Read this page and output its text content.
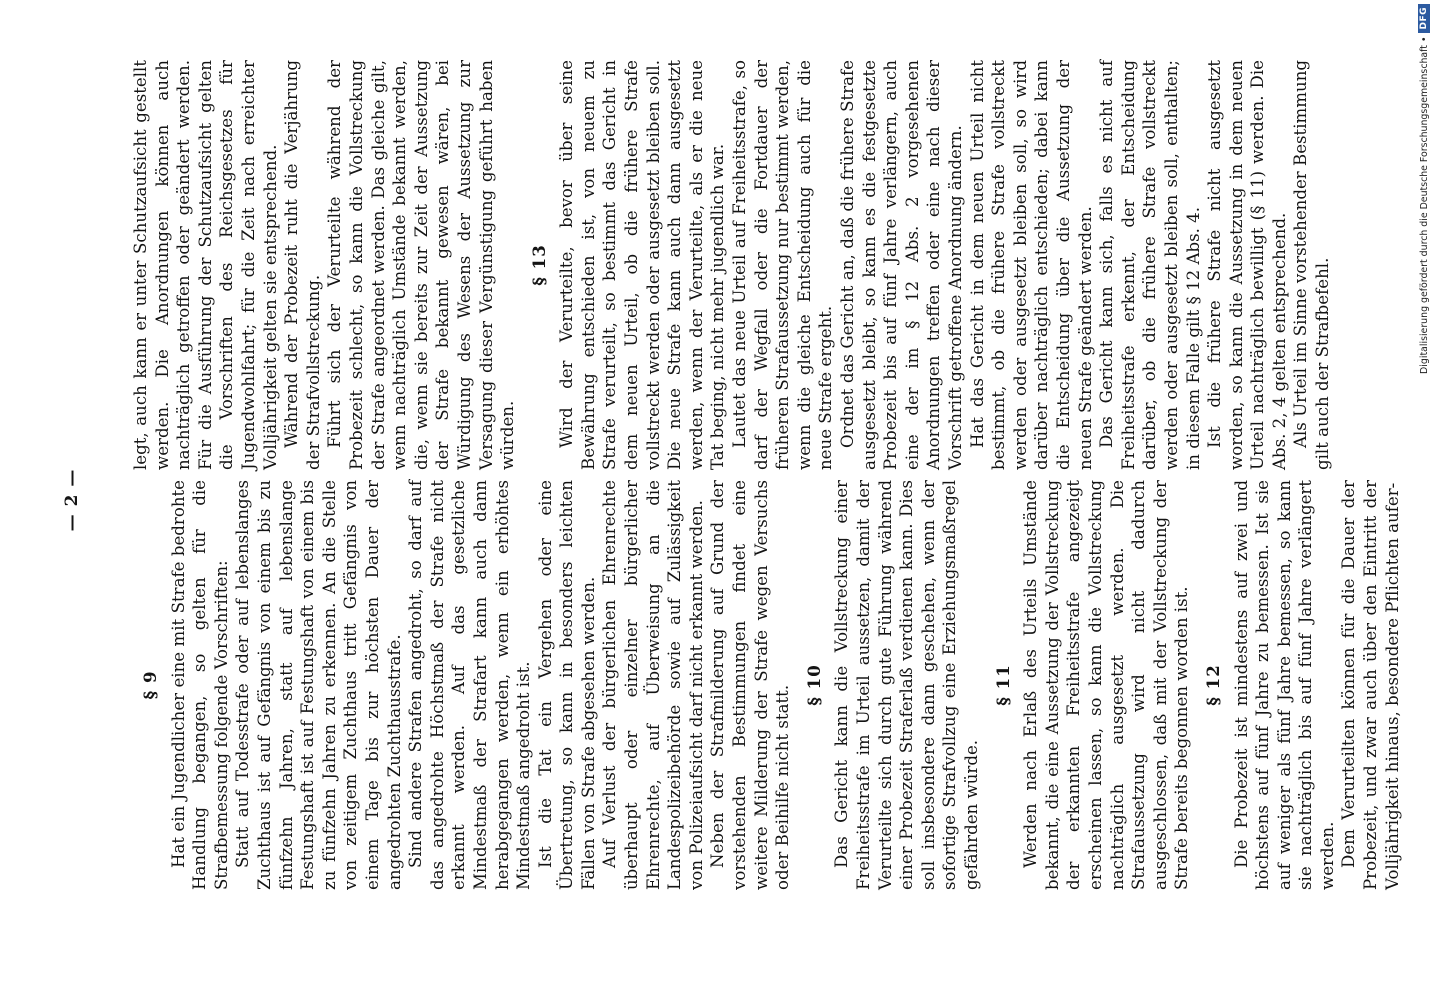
— 2 —
§ 9 Hat ein Jugendlicher eine mit Strafe bedrohte Handlung begangen, so gelten für die Strafbemessung folgende Vorschriften: Statt auf Todesstrafe oder auf lebenslanges Zuchthaus ist auf Gefängnis von einem bis zu fünfzehn Jahren, statt auf lebenslange Festungshaft ist auf Festungshaft von einem bis zu fünfzehn Jahren zu erkennen. An die Stelle von zeitigem Zuchthaus tritt Gefängnis von einem Tage bis zur höchsten Dauer der angedrohten Zuchthausstrafe. Sind andere Strafen angedroht, so darf auf das angedrohte Höchstmaß der Strafe nicht erkannt werden. Auf das gesetzliche Mindestmaß der Strafart kann auch dann herabgegangen werden, wenn ein erhöhtes Mindestmaß angedroht ist. Ist die Tat ein Vergehen oder eine Übertretung, so kann in besonders leichten Fällen von Strafe abgesehen werden. Auf Verlust der bürgerlichen Ehrenrechte überhaupt oder einzelner bürgerlicher Ehrenrechte, auf Überweisung an die Landespolizeibehörde sowie auf Zulässigkeit von Polizeiaufsicht darf nicht erkannt werden. Neben der Strafmilderung auf Grund der vorstehenden Bestimmungen findet eine weitere Milderung der Strafe wegen Versuchs oder Beihilfe nicht statt. § 10 Das Gericht kann die Vollstreckung einer Freiheitsstrafe im Urteil aussetzen, damit der Verurteilte sich durch gute Führung während einer Probezeit Straferlaß verdienen kann. Dies soll insbesondere dann geschehen, wenn der sofortige Strafvollzug eine Erziehungsmaßregel gefährden würde.

§ 11 Werden nach Erlaß des Urteils Umstände bekannt, die eine Aussetzung der Vollstreckung der erkannten Freiheitsstrafe angezeigt erscheinen lassen, so kann die Vollstreckung nachträglich ausgesetzt werden. Die Strafaussetzung wird nicht dadurch ausgeschlossen, daß mit der Vollstreckung der Strafe bereits begonnen worden ist. § 12 Die Probezeit ist mindestens auf zwei und höchstens auf fünf Jahre zu bemessen. Ist sie auf weniger als fünf Jahre bemessen, so kann sie nachträglich bis auf fünf Jahre verlängert werden. Dem Verurteilten können für die Dauer der Probezeit, und zwar auch über den Eintritt der Volljährigkeit hinaus, besondere Pflichten aufer-

legt, auch kann er unter Schutzaufsicht gestellt werden. Die Anordnungen können auch nachträglich getroffen oder geändert werden. Für die Ausführung der Schutzaufsicht gelten die Vorschriften des Reichsgesetzes für Jugendwohlfahrt; für die Zeit nach erreichter Volljährigkeit gelten sie entsprechend. Während der Probezeit ruht die Verjährung der Strafvollstreckung. Führt sich der Verurteilte während der Probezeit schlecht, so kann die Vollstreckung der Strafe angeordnet werden. Das gleiche gilt, wenn nachträglich Umstände bekannt werden, die, wenn sie bereits zur Zeit der Aussetzung der Strafe bekannt gewesen wären, bei Würdigung des Wesens der Aussetzung zur Versagung dieser Vergünstigung geführt haben würden.

§ 13 Wird der Verurteilte, bevor über seine Bewährung entschieden ist, von neuem zu Strafe verurteilt, so bestimmt das Gericht in dem neuen Urteil, ob die frühere Strafe vollstreckt werden oder ausgesetzt bleiben soll. Die neue Strafe kann auch dann ausgesetzt werden, wenn der Verurteilte, als er die neue Tat beging, nicht mehr jugendlich war. Lautet das neue Urteil auf Freiheitsstrafe, so darf der Wegfall oder die Fortdauer der früheren Strafaussetzung nur bestimmt werden, wenn die gleiche Entscheidung auch für die neue Strafe ergeht. Ordnet das Gericht an, daß die frühere Strafe ausgesetzt bleibt, so kann es die festgesetzte Probezeit bis auf fünf Jahre verlängern, auch eine der im § 12 Abs. 2 vorgesehenen Anordnungen treffen oder eine nach dieser Vorschrift getroffene Anordnung ändern. Hat das Gericht in dem neuen Urteil nicht bestimmt, ob die frühere Strafe vollstreckt werden oder ausgesetzt bleiben soll, so wird darüber nachträglich entschieden; dabei kann die Entscheidung über die Aussetzung der neuen Strafe geändert werden. Das Gericht kann sich, falls es nicht auf Freiheitsstrafe erkennt, der Entscheidung darüber, ob die frühere Strafe vollstreckt werden oder ausgesetzt bleiben soll, enthalten; in diesem Falle gilt § 12 Abs. 4. Ist die frühere Strafe nicht ausgesetzt worden, so kann die Aussetzung in dem neuen Urteil nachträglich bewilligt (§ 11) werden. Die Abs. 2, 4 gelten entsprechend. Als Urteil im Sinne vorstehender Bestimmung gilt auch der Strafbefehl.	Digitalisierung gefördert durch die Deutsche Forschungsgemeinschaft •
DFG
